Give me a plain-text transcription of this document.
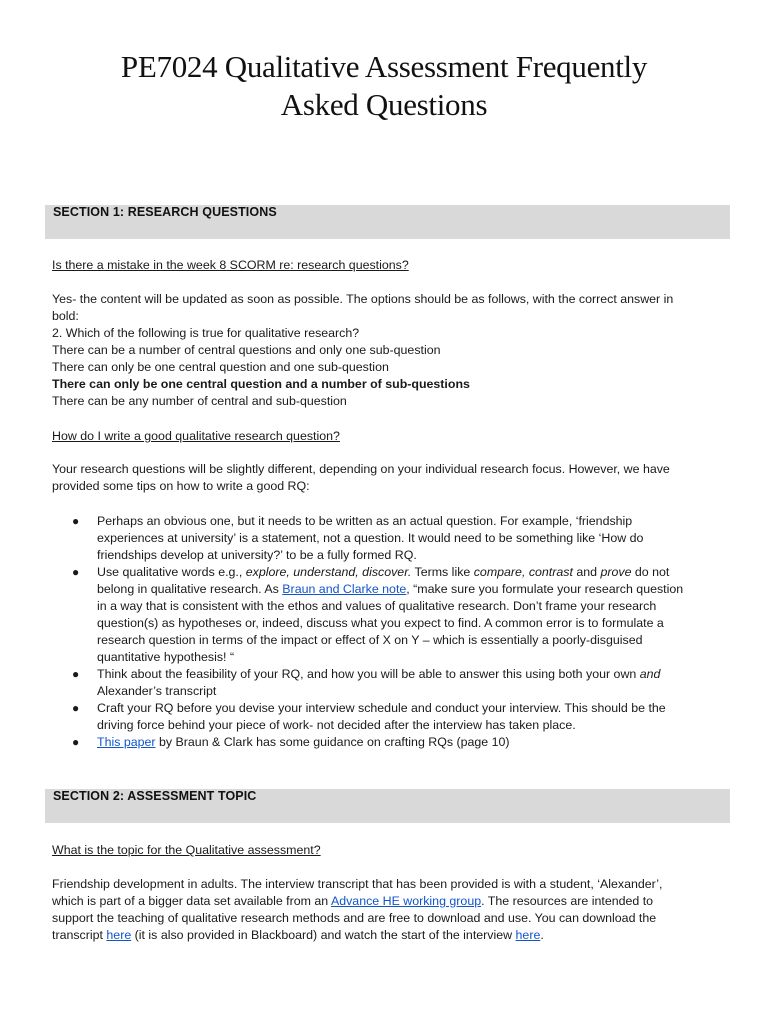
PE7024 Qualitative Assessment Frequently
Asked Questions
SECTION 1: RESEARCH QUESTIONS
Is there a mistake in the week 8 SCORM re: research questions?
Yes- the content will be updated as soon as possible. The options should be as follows, with the correct answer in
bold:
2. Which of the following is true for qualitative research?
There can be a number of central questions and only one sub-question
There can only be one central question and one sub-question
There can only be one central question and a number of sub-questions
There can be any number of central and sub-question
How do I write a good qualitative research question?
Your research questions will be slightly different, depending on your individual research focus. However, we have
provided some tips on how to write a good RQ:
● Perhaps an obvious one, but it needs to be written as an actual question. For example, ‘friendship
experiences at university’ is a statement, not a question. It would need to be something like ‘How do
friendships develop at university?’ to be a fully formed RQ.
● Use qualitative words e.g., explore, understand, discover. Terms like compare, contrast and prove do not
belong in qualitative research. As Braun and Clarke note, “make sure you formulate your research question
in a way that is consistent with the ethos and values of qualitative research. Don’t frame your research
question(s) as hypotheses or, indeed, discuss what you expect to find. A common error is to formulate a
research question in terms of the impact or effect of X on Y – which is essentially a poorly-disguised
quantitative hypothesis! “
● Think about the feasibility of your RQ, and how you will be able to answer this using both your own and
Alexander’s transcript
● Craft your RQ before you devise your interview schedule and conduct your interview. This should be the
driving force behind your piece of work- not decided after the interview has taken place.
● This paper by Braun & Clark has some guidance on crafting RQs (page 10)
SECTION 2: ASSESSMENT TOPIC
What is the topic for the Qualitative assessment?
Friendship development in adults. The interview transcript that has been provided is with a student, ‘Alexander’,
which is part of a bigger data set available from an Advance HE working group. The resources are intended to
support the teaching of qualitative research methods and are free to download and use. You can download the
transcript here (it is also provided in Blackboard) and watch the start of the interview here.
